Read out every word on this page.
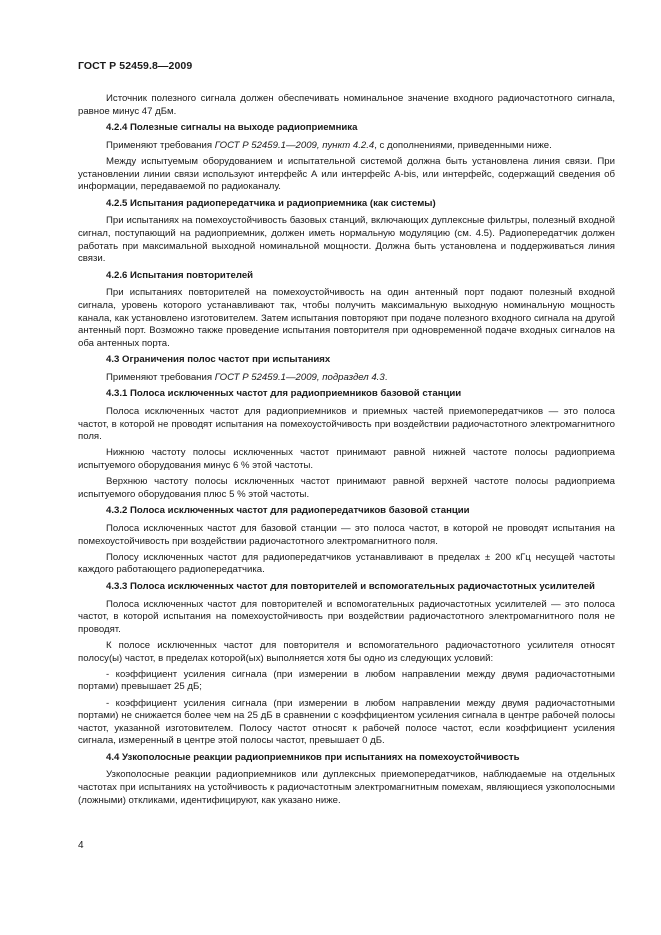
ГОСТ Р 52459.8—2009

Источник полезного сигнала должен обеспечивать номинальное значение входного радиочастотного сигнала, равное минус 47 дБм.

4.2.4 Полезные сигналы на выходе радиоприемника

Применяют требования ГОСТ Р 52459.1—2009, пункт 4.2.4, с дополнениями, приведенными ниже.

Между испытуемым оборудованием и испытательной системой должна быть установлена линия связи. При установлении линии связи используют интерфейс А или интерфейс А-bis, или интерфейс, содержащий сведения об информации, передаваемой по радиоканалу.

4.2.5 Испытания радиопередатчика и радиоприемника (как системы)

При испытаниях на помехоустойчивость базовых станций, включающих дуплексные фильтры, полезный входной сигнал, поступающий на радиоприемник, должен иметь нормальную модуляцию (см. 4.5). Радиопередатчик должен работать при максимальной выходной номинальной мощности. Должна быть установлена и поддерживаться линия связи.

4.2.6 Испытания повторителей

При испытаниях повторителей на помехоустойчивость на один антенный порт подают полезный входной сигнала, уровень которого устанавливают так, чтобы получить максимальную выходную номинальную мощность канала, как установлено изготовителем. Затем испытания повторяют при подаче полезного входного сигнала на другой антенный порт. Возможно также проведение испытания повторителя при одновременной подаче входных сигналов на оба антенных порта.

4.3 Ограничения полос частот при испытаниях

Применяют требования ГОСТ Р 52459.1—2009, подраздел 4.3.

4.3.1 Полоса исключенных частот для радиоприемников базовой станции

Полоса исключенных частот для радиоприемников и приемных частей приемопередатчиков — это полоса частот, в которой не проводят испытания на помехоустойчивость при воздействии радиочастотного электромагнитного поля.

Нижнюю частоту полосы исключенных частот принимают равной нижней частоте полосы радиоприема испытуемого оборудования минус 6 % этой частоты.

Верхнюю частоту полосы исключенных частот принимают равной верхней частоте полосы радиоприема испытуемого оборудования плюс 5 % этой частоты.

4.3.2 Полоса исключенных частот для радиопередатчиков базовой станции

Полоса исключенных частот для базовой станции — это полоса частот, в которой не проводят испытания на помехоустойчивость при воздействии радиочастотного электромагнитного поля.

Полосу исключенных частот для радиопередатчиков устанавливают в пределах ± 200 кГц несущей частоты каждого работающего радиопередатчика.

4.3.3 Полоса исключенных частот для повторителей и вспомогательных радиочастотных усилителей

Полоса исключенных частот для повторителей и вспомогательных радиочастотных усилителей — это полоса частот, в которой испытания на помехоустойчивость при воздействии радиочастотного электромагнитного поля не проводят.

К полосе исключенных частот для повторителя и вспомогательного радиочастотного усилителя относят полосу(ы) частот, в пределах которой(ых) выполняется хотя бы одно из следующих условий:

- коэффициент усиления сигнала (при измерении в любом направлении между двумя радиочастотными портами) превышает 25 дБ;

- коэффициент усиления сигнала (при измерении в любом направлении между двумя радиочастотными портами) не снижается более чем на 25 дБ в сравнении с коэффициентом усиления сигнала в центре рабочей полосы частот, указанной изготовителем. Полосу частот относят к рабочей полосе частот, если коэффициент усиления сигнала, измеренный в центре этой полосы частот, превышает 0 дБ.

4.4 Узкополосные реакции радиоприемников при испытаниях на помехоустойчивость

Узкополосные реакции радиоприемников или дуплексных приемопередатчиков, наблюдаемые на отдельных частотах при испытаниях на устойчивость к радиочастотным электромагнитным помехам, являющиеся узкополосными (ложными) откликами, идентифицируют, как указано ниже.

4
